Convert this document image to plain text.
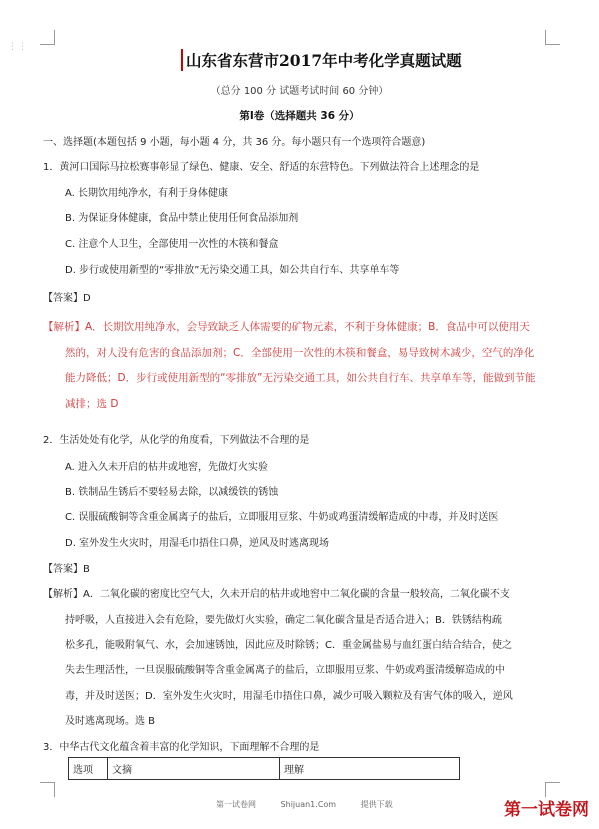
⋮⋮
山东省东营市2017年中考化学真题试题
（总分 100 分 试题考试时间 60 分钟）
第Ⅰ卷（选择题共 36 分）
一、选择题(本题包括 9 小题，每小题 4 分，共 36 分。每小题只有一个选项符合题意)
1．黄河口国际马拉松赛事彰显了绿色、健康、安全、舒适的东营特色。下列做法符合上述理念的是
A. 长期饮用纯净水，有利于身体健康
B. 为保证身体健康，食品中禁止使用任何食品添加剂
C. 注意个人卫生，全部使用一次性的木筷和餐盒
D. 步行或使用新型的“零排放”无污染交通工具，如公共自行车、共享单车等
【答案】D
【解析】A．长期饮用纯净水，会导致缺乏人体需要的矿物元素，不利于身体健康；B．食品中可以使用天
然的，对人没有危害的食品添加剂；C．全部使用一次性的木筷和餐盒，易导致树木减少，空气的净化
能力降低；D．步行或使用新型的“零排放”无污染交通工具，如公共自行车、共享单车等，能做到节能
减排；选 D
2．生活处处有化学，从化学的角度看，下列做法不合理的是
A. 进入久未开启的枯井或地窖，先做灯火实验
B. 铁制品生锈后不要轻易去除，以减缓铁的锈蚀
C. 误服硫酸铜等含重金属离子的盐后，立即服用豆浆、牛奶或鸡蛋清缓解造成的中毒，并及时送医
D. 室外发生火灾时，用湿毛巾捂住口鼻，逆风及时逃离现场
【答案】B
【解析】A．二氧化碳的密度比空气大，久未开启的枯井或地窖中二氧化碳的含量一般较高，二氧化碳不支
持呼吸，人直接进入会有危险，要先做灯火实验，确定二氧化碳含量是否适合进入；B．铁锈结构疏
松多孔，能吸附氧气、水，会加速锈蚀，因此应及时除锈；C．重金属盐易与血红蛋白结合结合，使之
失去生理活性，一旦误服硫酸铜等含重金属离子的盐后，立即服用豆浆、牛奶或鸡蛋清缓解造成的中
毒，并及时送医；D．室外发生火灾时，用湿毛巾捂住口鼻，减少可吸入颗粒及有害气体的吸入，逆风
及时逃离现场。选 B
3．中华古代文化蕴含着丰富的化学知识，下面理解不合理的是
选项	文摘	理解
第一试卷网	Shijuan1.Com	提供下载	第一试卷网
